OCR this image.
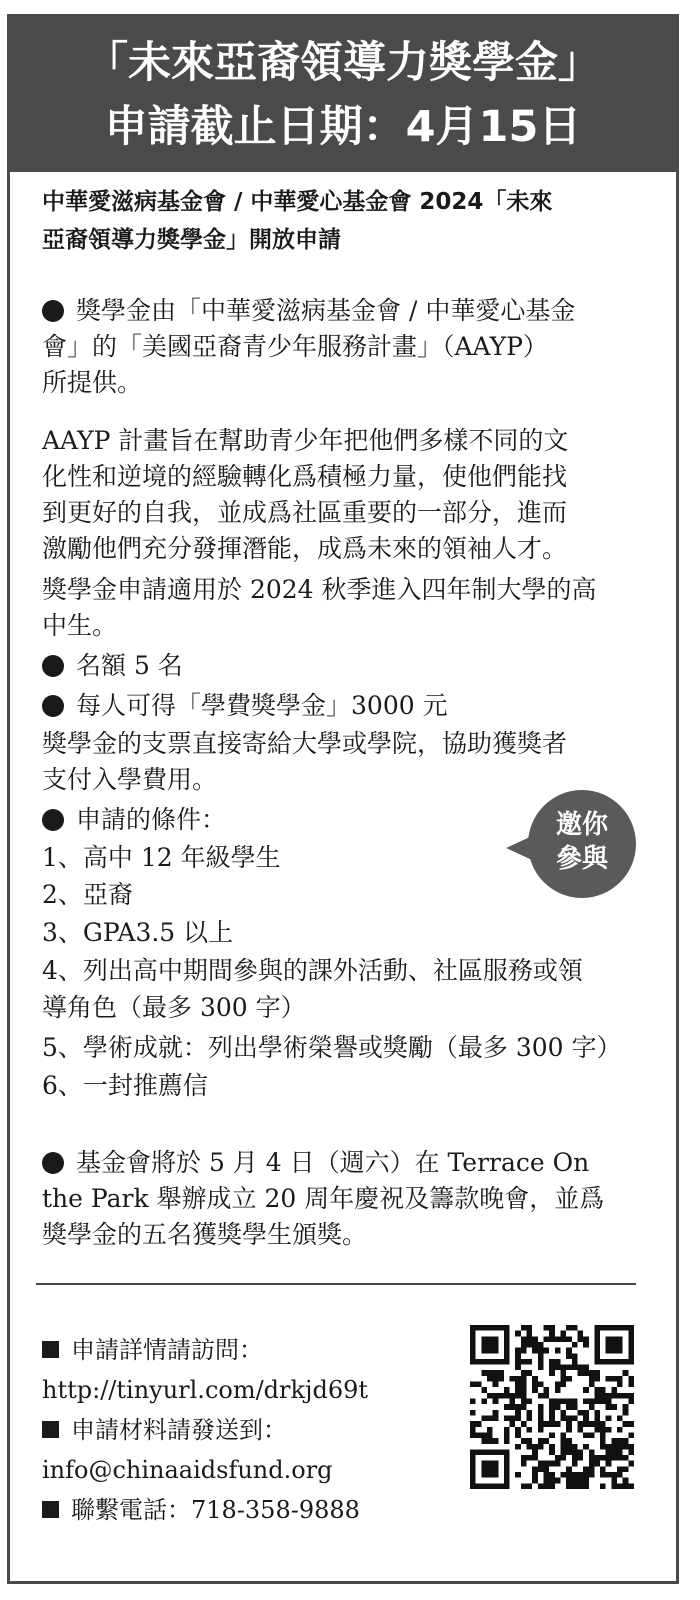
「未來亞裔領導力獎學金」
申請截止日期：4月15日
中華愛滋病基金會 / 中華愛心基金會 2024「未來
亞裔領導力獎學金」開放申請
獎學金由「中華愛滋病基金會 / 中華愛心基金
會」的「美國亞裔青少年服務計畫」（AAYP）
所提供。
AAYP 計畫旨在幫助青少年把他們多樣不同的文
化性和逆境的經驗轉化爲積極力量，使他們能找
到更好的自我，並成爲社區重要的一部分，進而
激勵他們充分發揮潛能，成爲未來的領袖人才。
獎學金申請適用於 2024 秋季進入四年制大學的高
中生。
名額 5 名
每人可得「學費獎學金」3000 元
獎學金的支票直接寄給大學或學院，協助獲獎者
支付入學費用。
申請的條件：
1、高中 12 年級學生
2、亞裔
3、GPA3.5 以上
4、列出高中期間參與的課外活動、社區服務或領
導角色（最多 300 字）
5、學術成就：列出學術榮譽或獎勵（最多 300 字）
6、一封推薦信
基金會將於 5 月 4 日（週六）在 Terrace On
the Park 舉辦成立 20 周年慶祝及籌款晚會，並爲
獎學金的五名獲獎學生頒獎。
邀你
參與
申請詳情請訪問：
http://tinyurl.com/drkjd69t
申請材料請發送到：
info@chinaaidsfund.org
聯繫電話：718-358-9888
